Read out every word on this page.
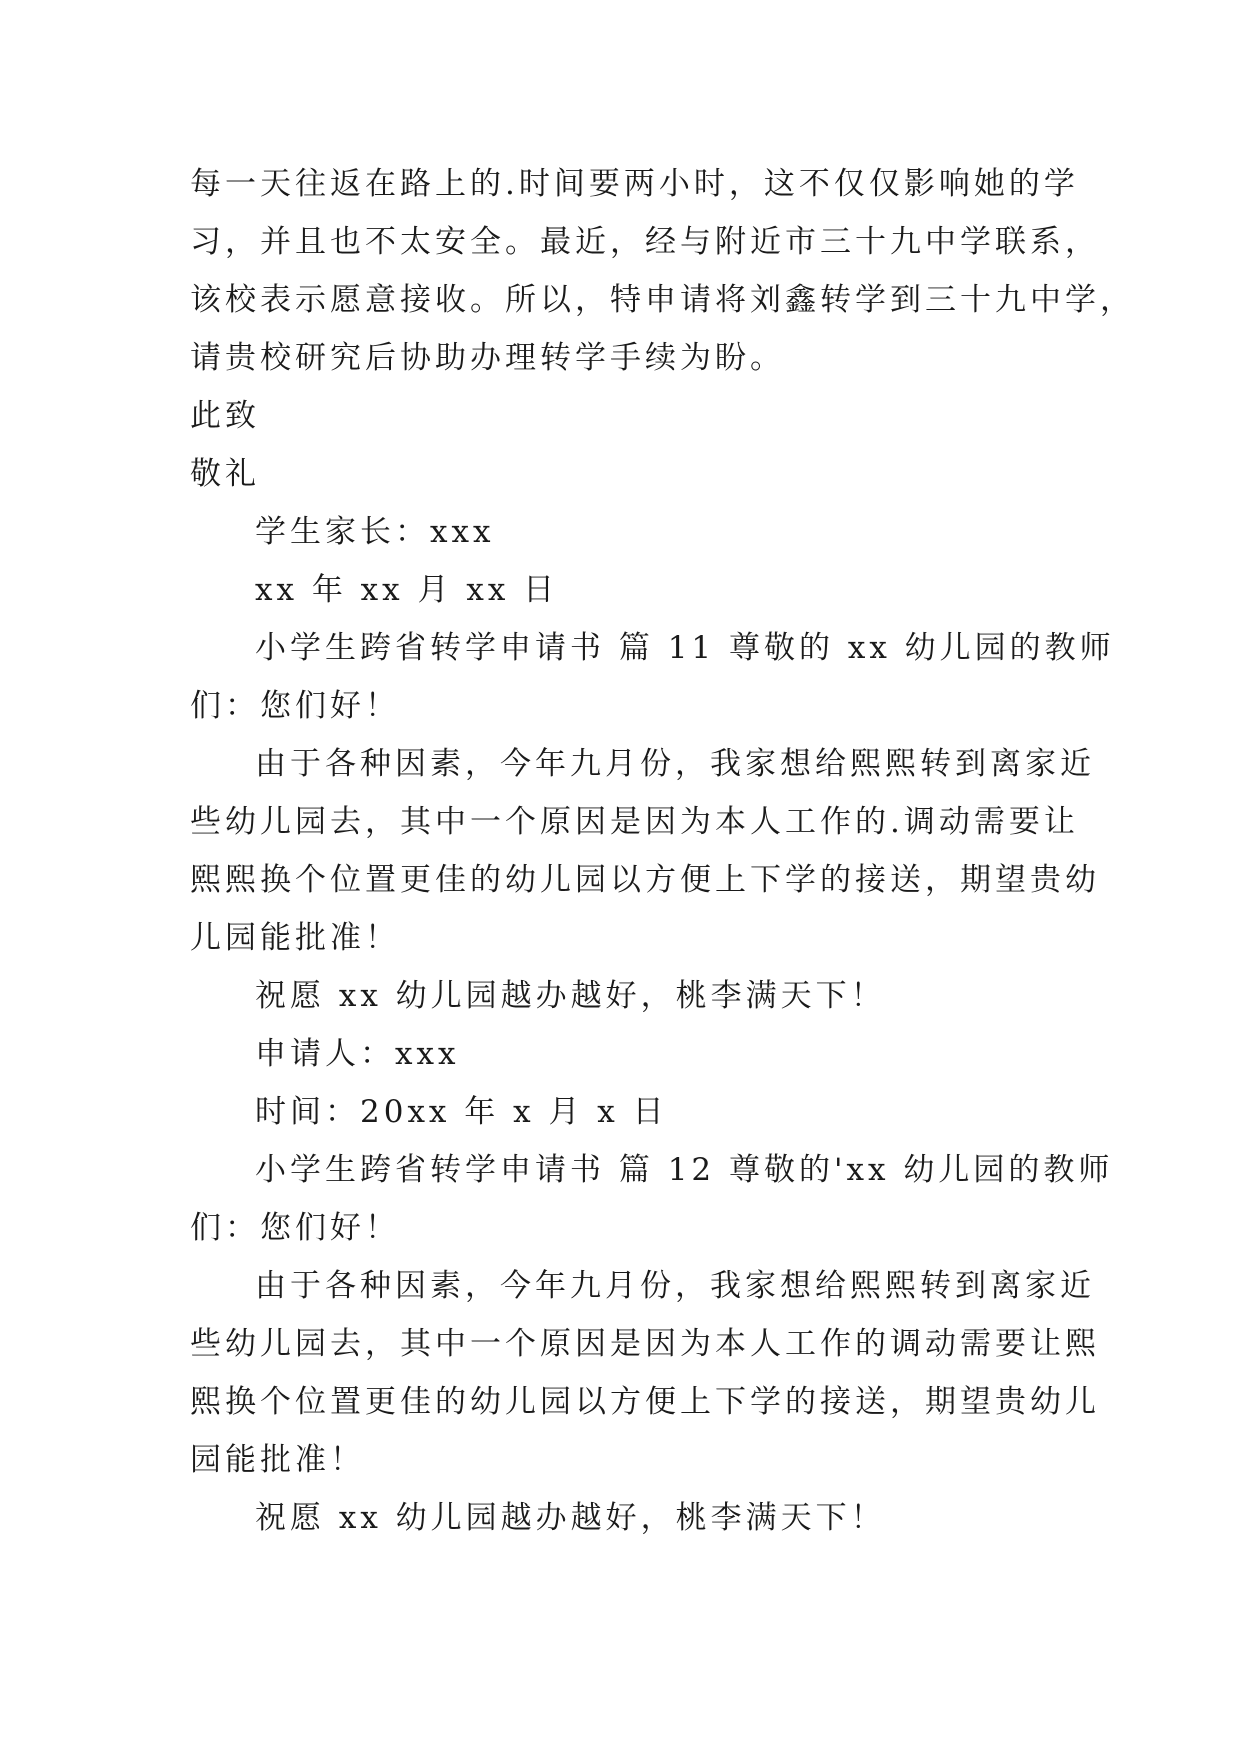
每一天往返在路上的.时间要两小时，这不仅仅影响她的学
习，并且也不太安全。最近，经与附近市三十九中学联系，
该校表示愿意接收。所以，特申请将刘鑫转学到三十九中学，
请贵校研究后协助办理转学手续为盼。
此致
敬礼
学生家长：xxx
xx 年 xx 月 xx 日
小学生跨省转学申请书 篇 11 尊敬的 xx 幼儿园的教师
们：您们好！
由于各种因素，今年九月份，我家想给熙熙转到离家近
些幼儿园去，其中一个原因是因为本人工作的.调动需要让
熙熙换个位置更佳的幼儿园以方便上下学的接送，期望贵幼
儿园能批准！
祝愿 xx 幼儿园越办越好，桃李满天下！
申请人：xxx
时间：20xx 年 x 月 x 日
小学生跨省转学申请书 篇 12 尊敬的'xx 幼儿园的教师
们：您们好！
由于各种因素，今年九月份，我家想给熙熙转到离家近
些幼儿园去，其中一个原因是因为本人工作的调动需要让熙
熙换个位置更佳的幼儿园以方便上下学的接送，期望贵幼儿
园能批准！
祝愿 xx 幼儿园越办越好，桃李满天下！
